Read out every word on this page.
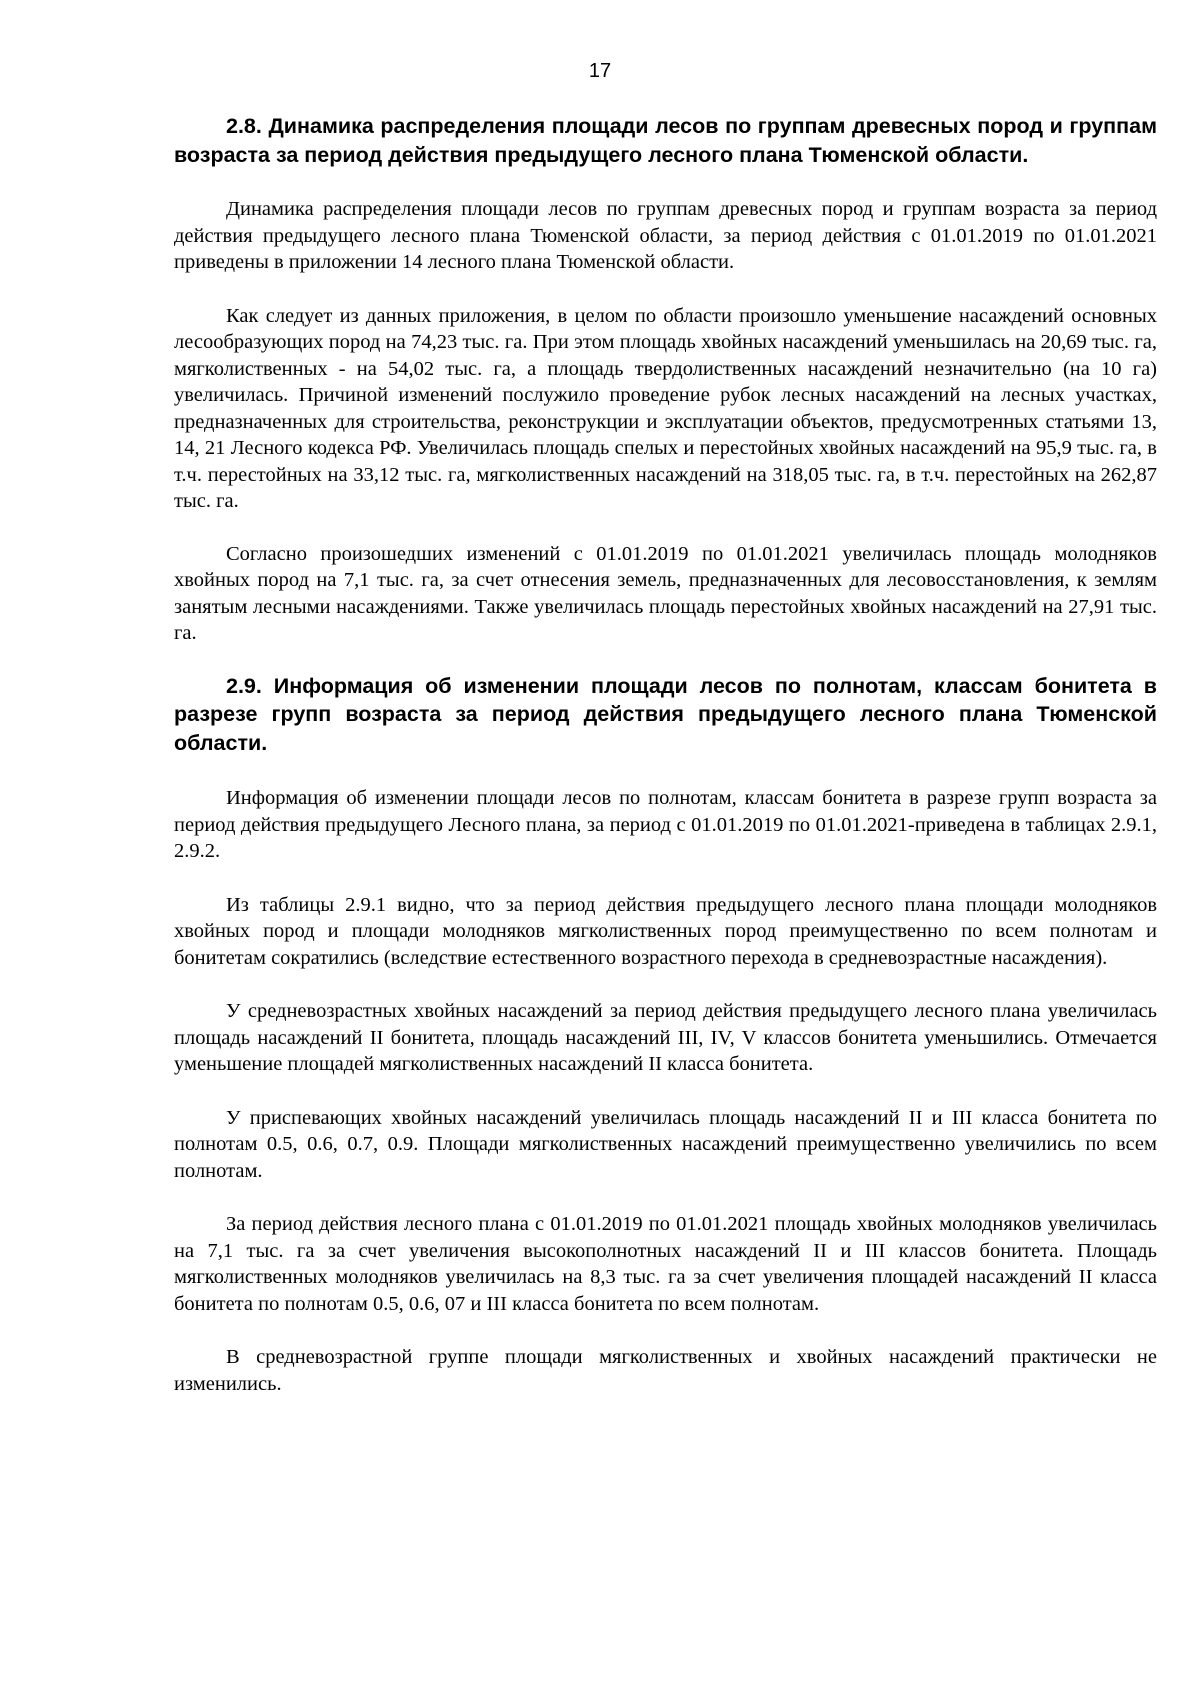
17

2.8. Динамика распределения площади лесов по группам древесных пород и группам возраста за период действия предыдущего лесного плана Тюменской области.

Динамика распределения площади лесов по группам древесных пород и группам возраста за период действия предыдущего лесного плана Тюменской области, за период действия с 01.01.2019 по 01.01.2021 приведены в приложении 14 лесного плана Тюменской области.

Как следует из данных приложения, в целом по области произошло уменьшение насаждений основных лесообразующих пород на 74,23 тыс. га. При этом площадь хвойных насаждений уменьшилась на 20,69 тыс. га, мягколиственных - на 54,02 тыс. га, а площадь твердолиственных насаждений незначительно (на 10 га) увеличилась. Причиной изменений послужило проведение рубок лесных насаждений на лесных участках, предназначенных для строительства, реконструкции и эксплуатации объектов, предусмотренных статьями 13, 14, 21 Лесного кодекса РФ. Увеличилась площадь спелых и перестойных хвойных насаждений на 95,9 тыс. га, в т.ч. перестойных на 33,12 тыс. га, мягколиственных насаждений на 318,05 тыс. га, в т.ч. перестойных на 262,87 тыс. га.

Согласно произошедших изменений с 01.01.2019 по 01.01.2021 увеличилась площадь молодняков хвойных пород на 7,1 тыс. га, за счет отнесения земель, предназначенных для лесовосстановления, к землям занятым лесными насаждениями. Также увеличилась площадь перестойных хвойных насаждений на 27,91 тыс. га.

2.9. Информация об изменении площади лесов по полнотам, классам бонитета в разрезе групп возраста за период действия предыдущего лесного плана Тюменской области.

Информация об изменении площади лесов по полнотам, классам бонитета в разрезе групп возраста за период действия предыдущего Лесного плана, за период с 01.01.2019 по 01.01.2021-приведена в таблицах 2.9.1, 2.9.2.

Из таблицы 2.9.1 видно, что за период действия предыдущего лесного плана площади молодняков хвойных пород и площади молодняков мягколиственных пород преимущественно по всем полнотам и бонитетам сократились (вследствие естественного возрастного перехода в средневозрастные насаждения).

У средневозрастных хвойных насаждений за период действия предыдущего лесного плана увеличилась площадь насаждений II бонитета, площадь насаждений III, IV, V классов бонитета уменьшились. Отмечается уменьшение площадей мягколиственных насаждений II класса бонитета.

У приспевающих хвойных насаждений увеличилась площадь насаждений II и III класса бонитета по полнотам 0.5, 0.6, 0.7, 0.9. Площади мягколиственных насаждений преимущественно увеличились по всем полнотам.

За период действия лесного плана с 01.01.2019 по 01.01.2021 площадь хвойных молодняков увеличилась на 7,1 тыс. га за счет увеличения высокополнотных насаждений II и III классов бонитета. Площадь мягколиственных молодняков увеличилась на 8,3 тыс. га за счет увеличения площадей насаждений II класса бонитета по полнотам 0.5, 0.6, 07 и III класса бонитета по всем полнотам.

В средневозрастной группе площади мягколиственных и хвойных насаждений практически не изменились.
